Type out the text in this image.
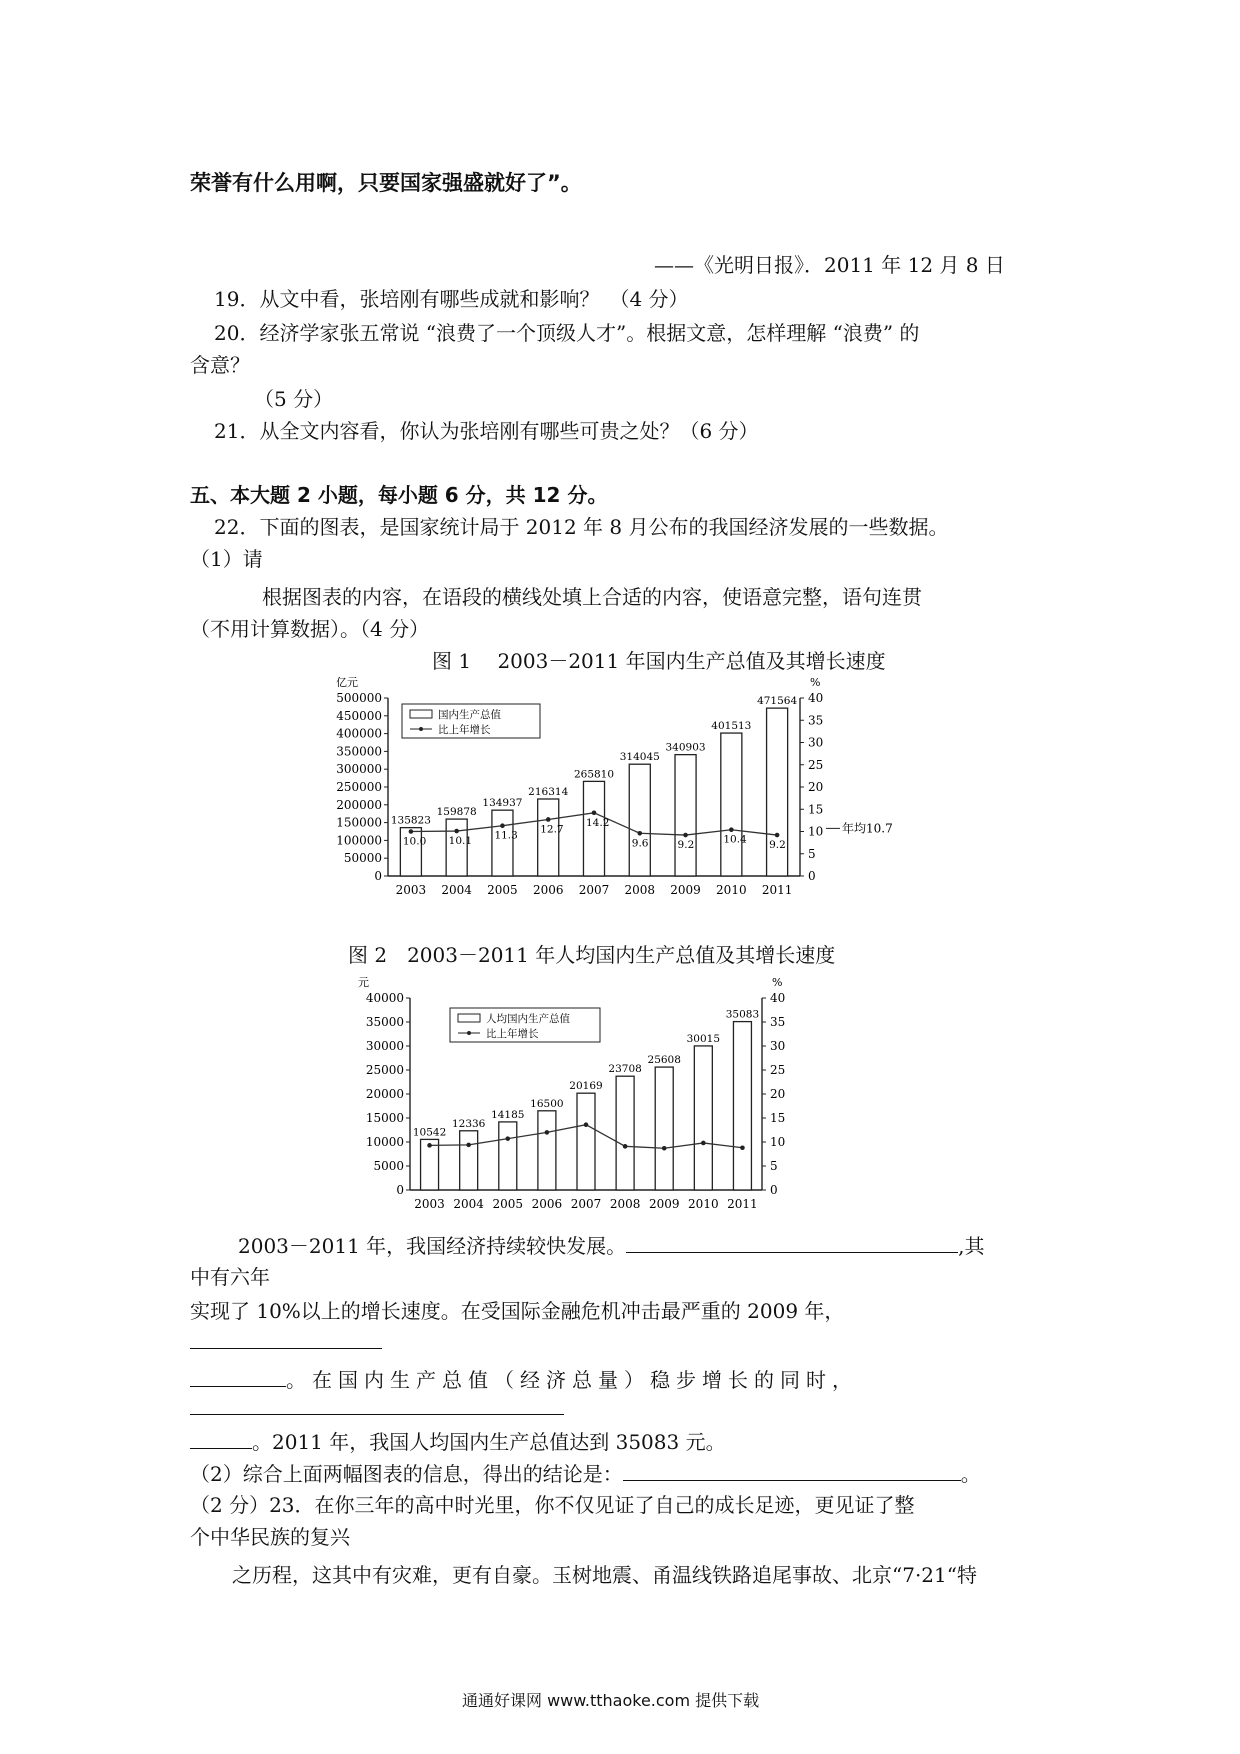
荣誉有什么用啊，只要国家强盛就好了”。
——《光明日报》．2011 年 12 月 8 日
19．从文中看，张培刚有哪些成就和影响？　（4 分）
20．经济学家张五常说 “浪费了一个顶级人才”。根据文意，怎样理解 “浪费” 的
含意？
（5 分）
21．从全文内容看，你认为张培刚有哪些可贵之处？（6 分）
五、本大题 2 小题，每小题 6 分，共 12 分。
22．下面的图表，是国家统计局于 2012 年 8 月公布的我国经济发展的一些数据。
（1）请
根据图表的内容，在语段的横线处填上合适的内容，使语意完整，语句连贯
（不用计算数据）。（4 分）
图 1　 2003－2011 年国内生产总值及其增长速度
图 2　2003－2011 年人均国内生产总值及其增长速度
亿元	%
500000
450000
400000
350000
300000
250000
200000
150000
100000
50000
0
40
35
30
25
20
15
10
5
0
135823
2003
159878
2004
134937
2005
216314
2006
265810
2007
314045
2008
340903
2009
401513
2010
471564
2011
10.0 10.1 11.3
12.7
14.2
9.6	9.2	10.4 9.2
国内生产总值
比上年增长
年均10.7
元	%
40000
35000
30000
25000
20000
15000
10000
5000
0
40
35
30
25
20
15
10
5
0
10542
2003
12336
2004
14185
2005
16500
2006
20169
2007
23708
2008
25608
2009
30015
2010
35083
2011
人均国内生产总值
比上年增长
2003－2011 年，我国经济持续较快发展。	,其
中有六年
实现了 10%以上的增长速度。在受国际金融危机冲击最严重的 2009 年，
。在国内生产总值（经济总量）稳步增长的同时，
。2011 年，我国人均国内生产总值达到 35083 元。
（2）综合上面两幅图表的信息，得出的结论是：	。
（2 分）23．在你三年的高中时光里，你不仅见证了自己的成长足迹，更见证了整
个中华民族的复兴
之历程，这其中有灾难，更有自豪。玉树地震、甬温线铁路追尾事故、北京“7·21“特
通通好课网 www.tthaoke.com 提供下载
